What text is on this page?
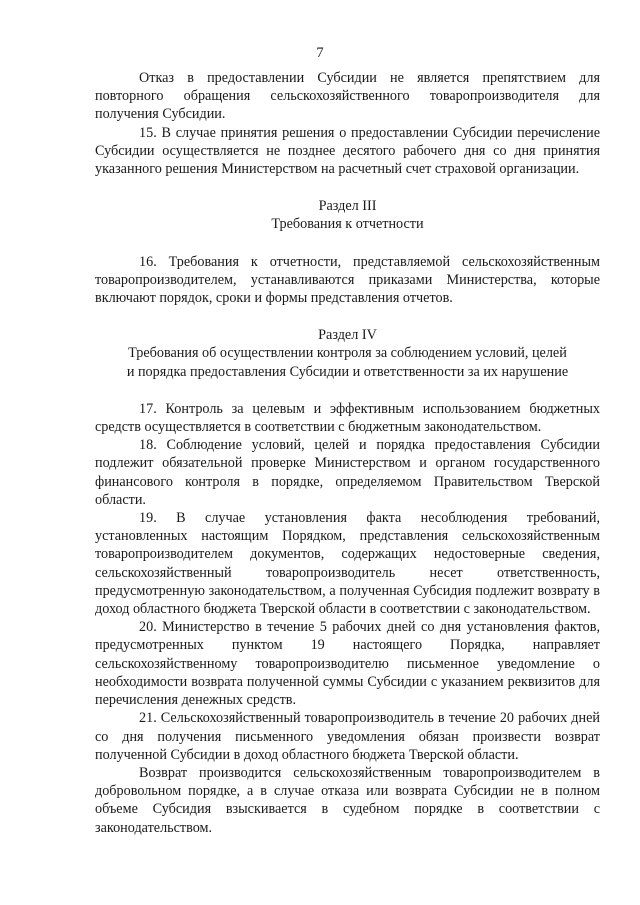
7

Отказ в предоставлении Субсидии не является препятствием для повторного обращения сельскохозяйственного товаропроизводителя для получения Субсидии.

15. В случае принятия решения о предоставлении Субсидии перечисление Субсидии осуществляется не позднее десятого рабочего дня со дня принятия указанного решения Министерством на расчетный счет страховой организации.

Раздел III

Требования к отчетности

16. Требования к отчетности, представляемой сельскохозяйственным товаропроизводителем, устанавливаются приказами Министерства, которые включают порядок, сроки и формы представления отчетов.

Раздел IV

Требования об осуществлении контроля за соблюдением условий, целей

и порядка предоставления Субсидии и ответственности за их нарушение

17. Контроль за целевым и эффективным использованием бюджетных средств осуществляется в соответствии с бюджетным законодательством.

18. Соблюдение условий, целей и порядка предоставления Субсидии подлежит обязательной проверке Министерством и органом государственного финансового контроля в порядке, определяемом Правительством Тверской области.

19. В случае установления факта несоблюдения требований, установленных настоящим Порядком, представления сельскохозяйственным товаропроизводителем документов, содержащих недостоверные сведения, сельскохозяйственный товаропроизводитель несет ответственность, предусмотренную законодательством, а полученная Субсидия подлежит возврату в доход областного бюджета Тверской области в соответствии с законодательством.

20. Министерство в течение 5 рабочих дней со дня установления фактов, предусмотренных пунктом 19 настоящего Порядка, направляет сельскохозяйственному товаропроизводителю письменное уведомление о необходимости возврата полученной суммы Субсидии с указанием реквизитов для перечисления денежных средств.

21. Сельскохозяйственный товаропроизводитель в течение 20 рабочих дней со дня получения письменного уведомления обязан произвести возврат полученной Субсидии в доход областного бюджета Тверской области.

Возврат производится сельскохозяйственным товаропроизводителем в добровольном порядке, а в случае отказа или возврата Субсидии не в полном объеме Субсидия взыскивается в судебном порядке в соответствии с законодательством.
